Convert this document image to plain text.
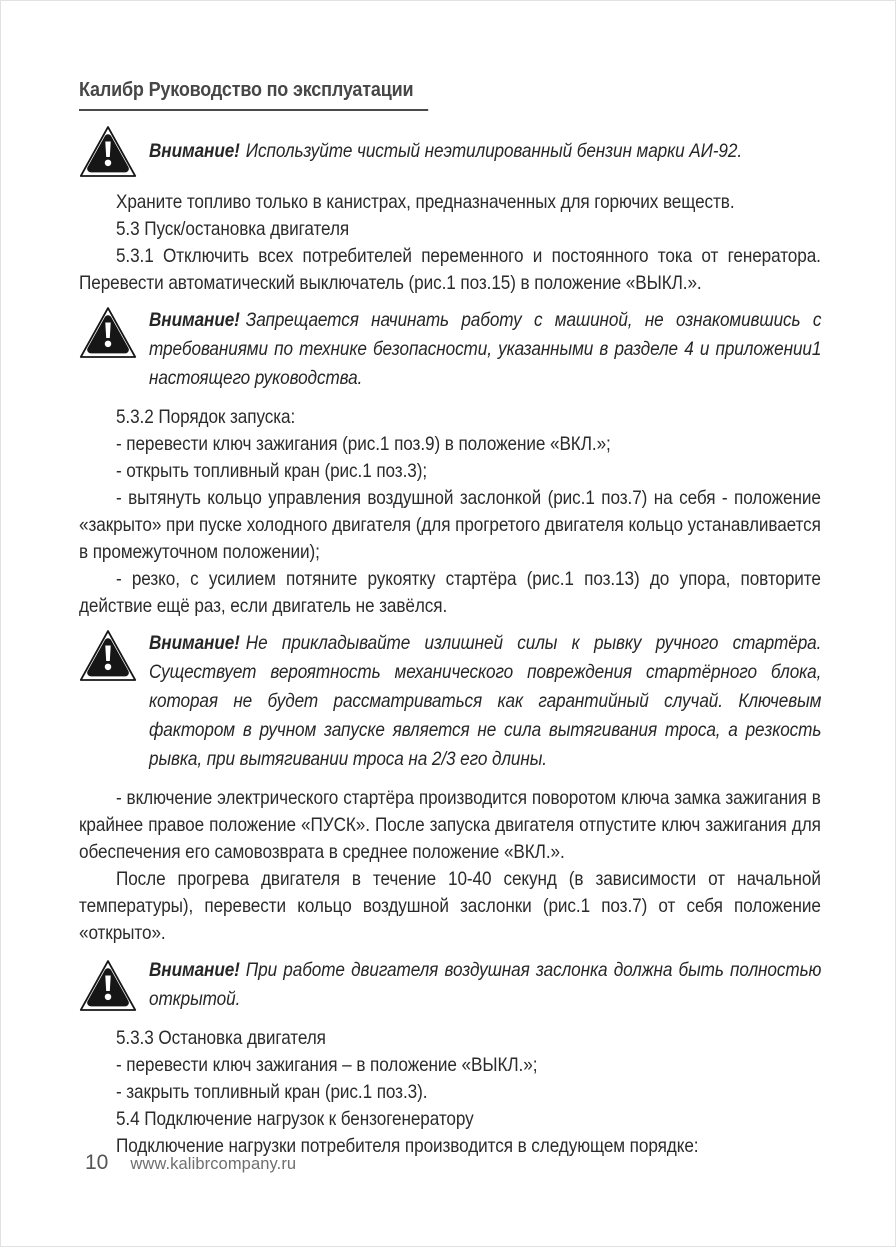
Калибр Руководство по эксплуатации
Внимание! Используйте чистый неэтилированный бензин марки АИ-92.

Храните топливо только в канистрах, предназначенных для горючих веществ.

5.3 Пуск/остановка двигателя

5.3.1 Отключить всех потребителей переменного и постоянного тока от генератора. Перевести автоматический выключатель (рис.1 поз.15) в положение «ВЫКЛ.».

Внимание! Запрещается начинать работу с машиной, не ознакомившись с требованиями по технике безопасности, указанными в разделе 4 и приложении1 настоящего руководства.

5.3.2 Порядок запуска:

- перевести ключ зажигания (рис.1 поз.9) в положение «ВКЛ.»;

- открыть топливный кран (рис.1 поз.3);

- вытянуть кольцо управления воздушной заслонкой (рис.1 поз.7) на себя - положение «закрыто» при пуске холодного двигателя (для прогретого двигателя кольцо устанавливается в промежуточном положении);

- резко, с усилием потяните рукоятку стартёра (рис.1 поз.13) до упора, повторите действие ещё раз, если двигатель не завёлся.

Внимание! Не прикладывайте излишней силы к рывку ручного стартёра. Существует вероятность механического повреждения стартёрного блока, которая не будет рассматриваться как гарантийный случай. Ключевым фактором в ручном запуске является не сила вытягивания троса, а резкость рывка, при вытягивании троса на 2/3 его длины.

- включение электрического стартёра производится поворотом ключа замка зажигания в крайнее правое положение «ПУСК». После запуска двигателя отпустите ключ зажигания для обеспечения его самовозврата в среднее положение «ВКЛ.».

После прогрева двигателя в течение 10-40 секунд (в зависимости от начальной температуры), перевести кольцо воздушной заслонки (рис.1 поз.7) от себя положение «открыто».

Внимание! При работе двигателя воздушная заслонка должна быть полностью открытой.

5.3.3 Остановка двигателя

- перевести ключ зажигания – в положение «ВЫКЛ.»;

- закрыть топливный кран (рис.1 поз.3).

5.4 Подключение нагрузок к бензогенератору

Подключение нагрузки потребителя производится в следующем порядке:

10 www.kalibrcompany.ru
